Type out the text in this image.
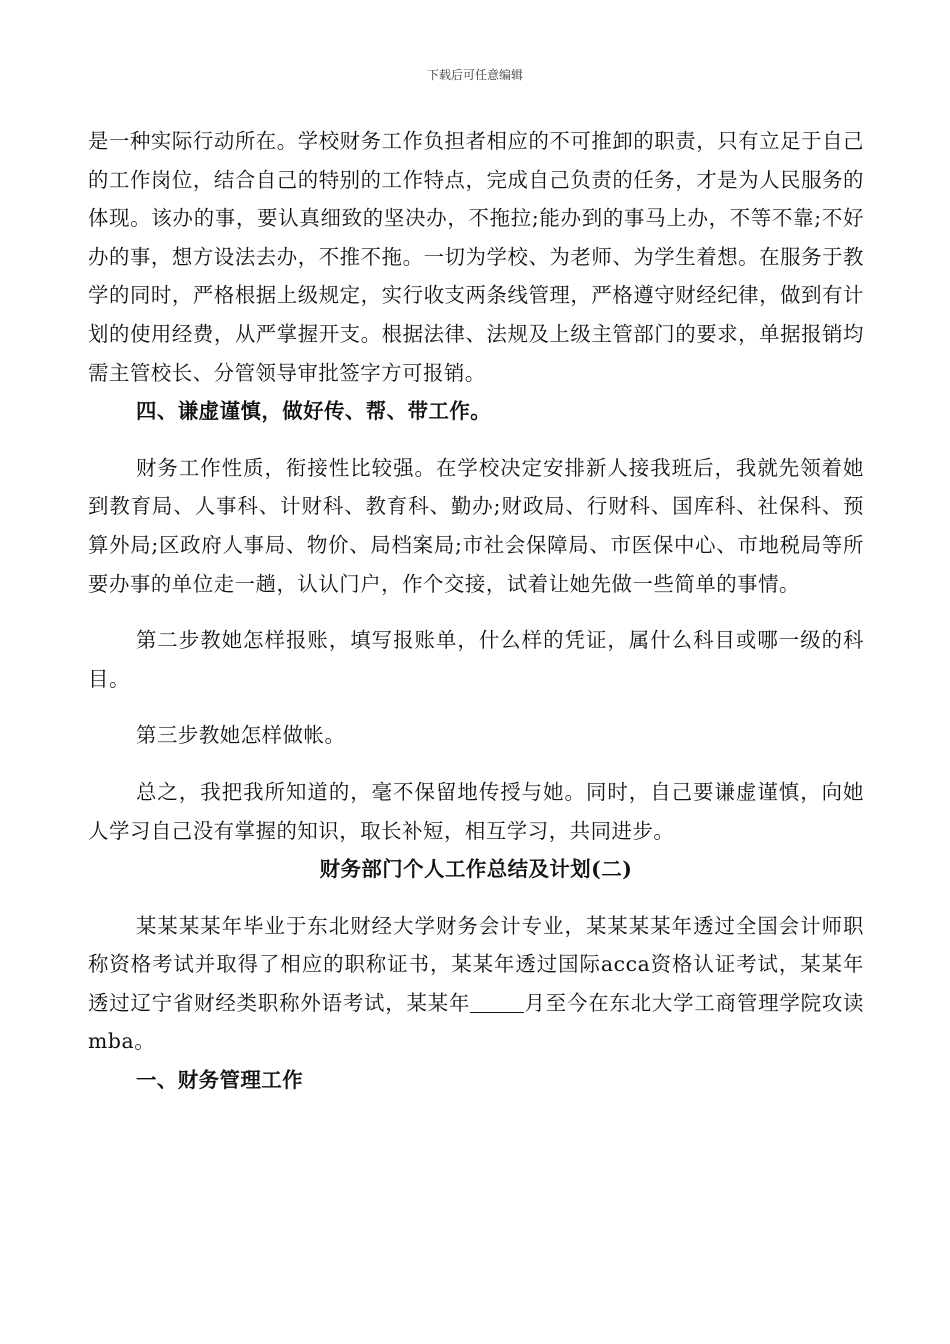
下载后可任意编辑

是一种实际行动所在。学校财务工作负担者相应的不可推卸的职责，只有立足于自己的工作岗位，结合自己的特别的工作特点，完成自己负责的任务，才是为人民服务的体现。该办的事，要认真细致的坚决办，不拖拉;能办到的事马上办，不等不靠;不好办的事，想方设法去办，不推不拖。一切为学校、为老师、为学生着想。在服务于教学的同时，严格根据上级规定，实行收支两条线管理，严格遵守财经纪律，做到有计划的使用经费，从严掌握开支。根据法律、法规及上级主管部门的要求，单据报销均需主管校长、分管领导审批签字方可报销。

四、谦虚谨慎，做好传、帮、带工作。

财务工作性质，衔接性比较强。在学校决定安排新人接我班后，我就先领着她到教育局、人事科、计财科、教育科、勤办;财政局、行财科、国库科、社保科、预算外局;区政府人事局、物价、局档案局;市社会保障局、市医保中心、市地税局等所要办事的单位走一趟，认认门户，作个交接，试着让她先做一些简单的事情。

第二步教她怎样报账，填写报账单，什么样的凭证，属什么科目或哪一级的科目。

第三步教她怎样做帐。

总之，我把我所知道的，毫不保留地传授与她。同时，自己要谦虚谨慎，向她人学习自己没有掌握的知识，取长补短，相互学习，共同进步。

财务部门个人工作总结及计划(二)

某某某某年毕业于东北财经大学财务会计专业，某某某某年透过全国会计师职称资格考试并取得了相应的职称证书，某某年透过国际acca资格认证考试，某某年透过辽宁省财经类职称外语考试，某某年	月至今在东北大学工商管理学院攻读mba。

一、财务管理工作
